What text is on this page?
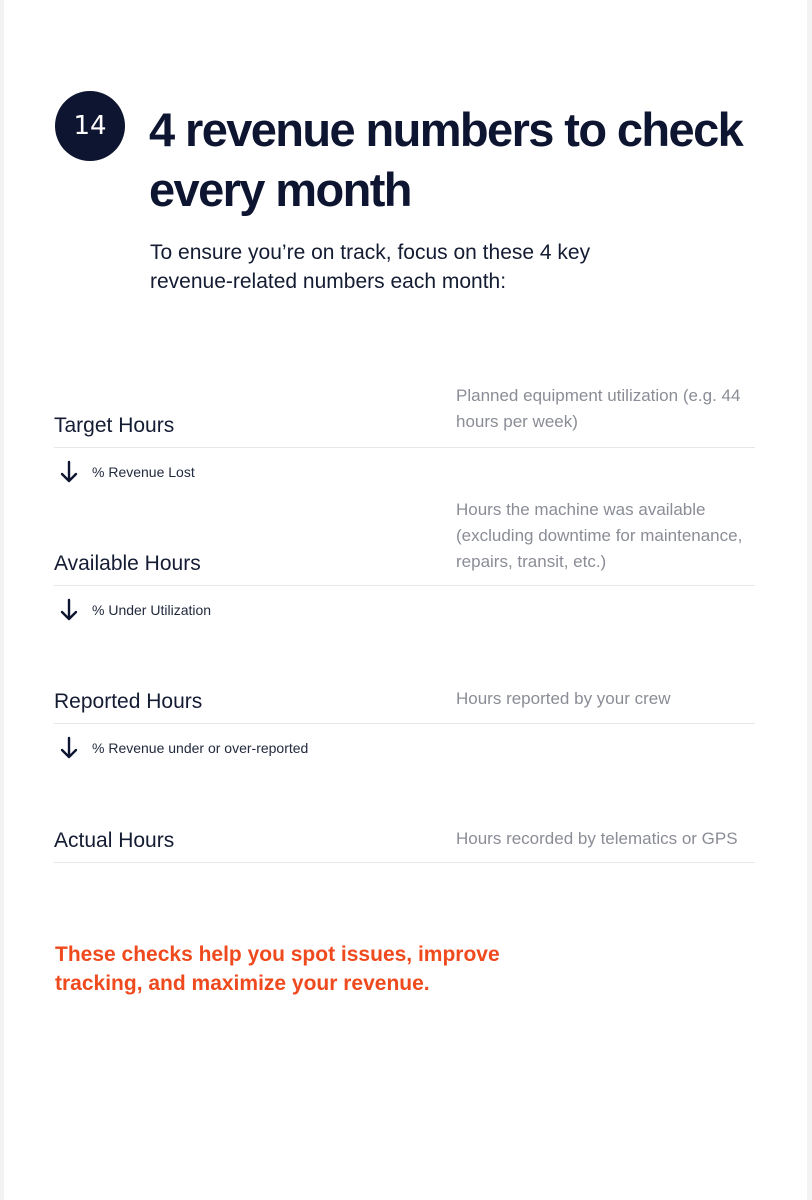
14 4 revenue numbers to check every month

To ensure you’re on track, focus on these 4 key revenue-related numbers each month:

Target Hours
Planned equipment utilization (e.g. 44 hours per week)
% Revenue Lost
Available Hours
Hours the machine was available (excluding downtime for maintenance, repairs, transit, etc.)
% Under Utilization
Reported Hours	Hours reported by your crew
% Revenue under or over-reported
Actual Hours	Hours recorded by telematics or GPS

These checks help you spot issues, improve tracking, and maximize your revenue.
